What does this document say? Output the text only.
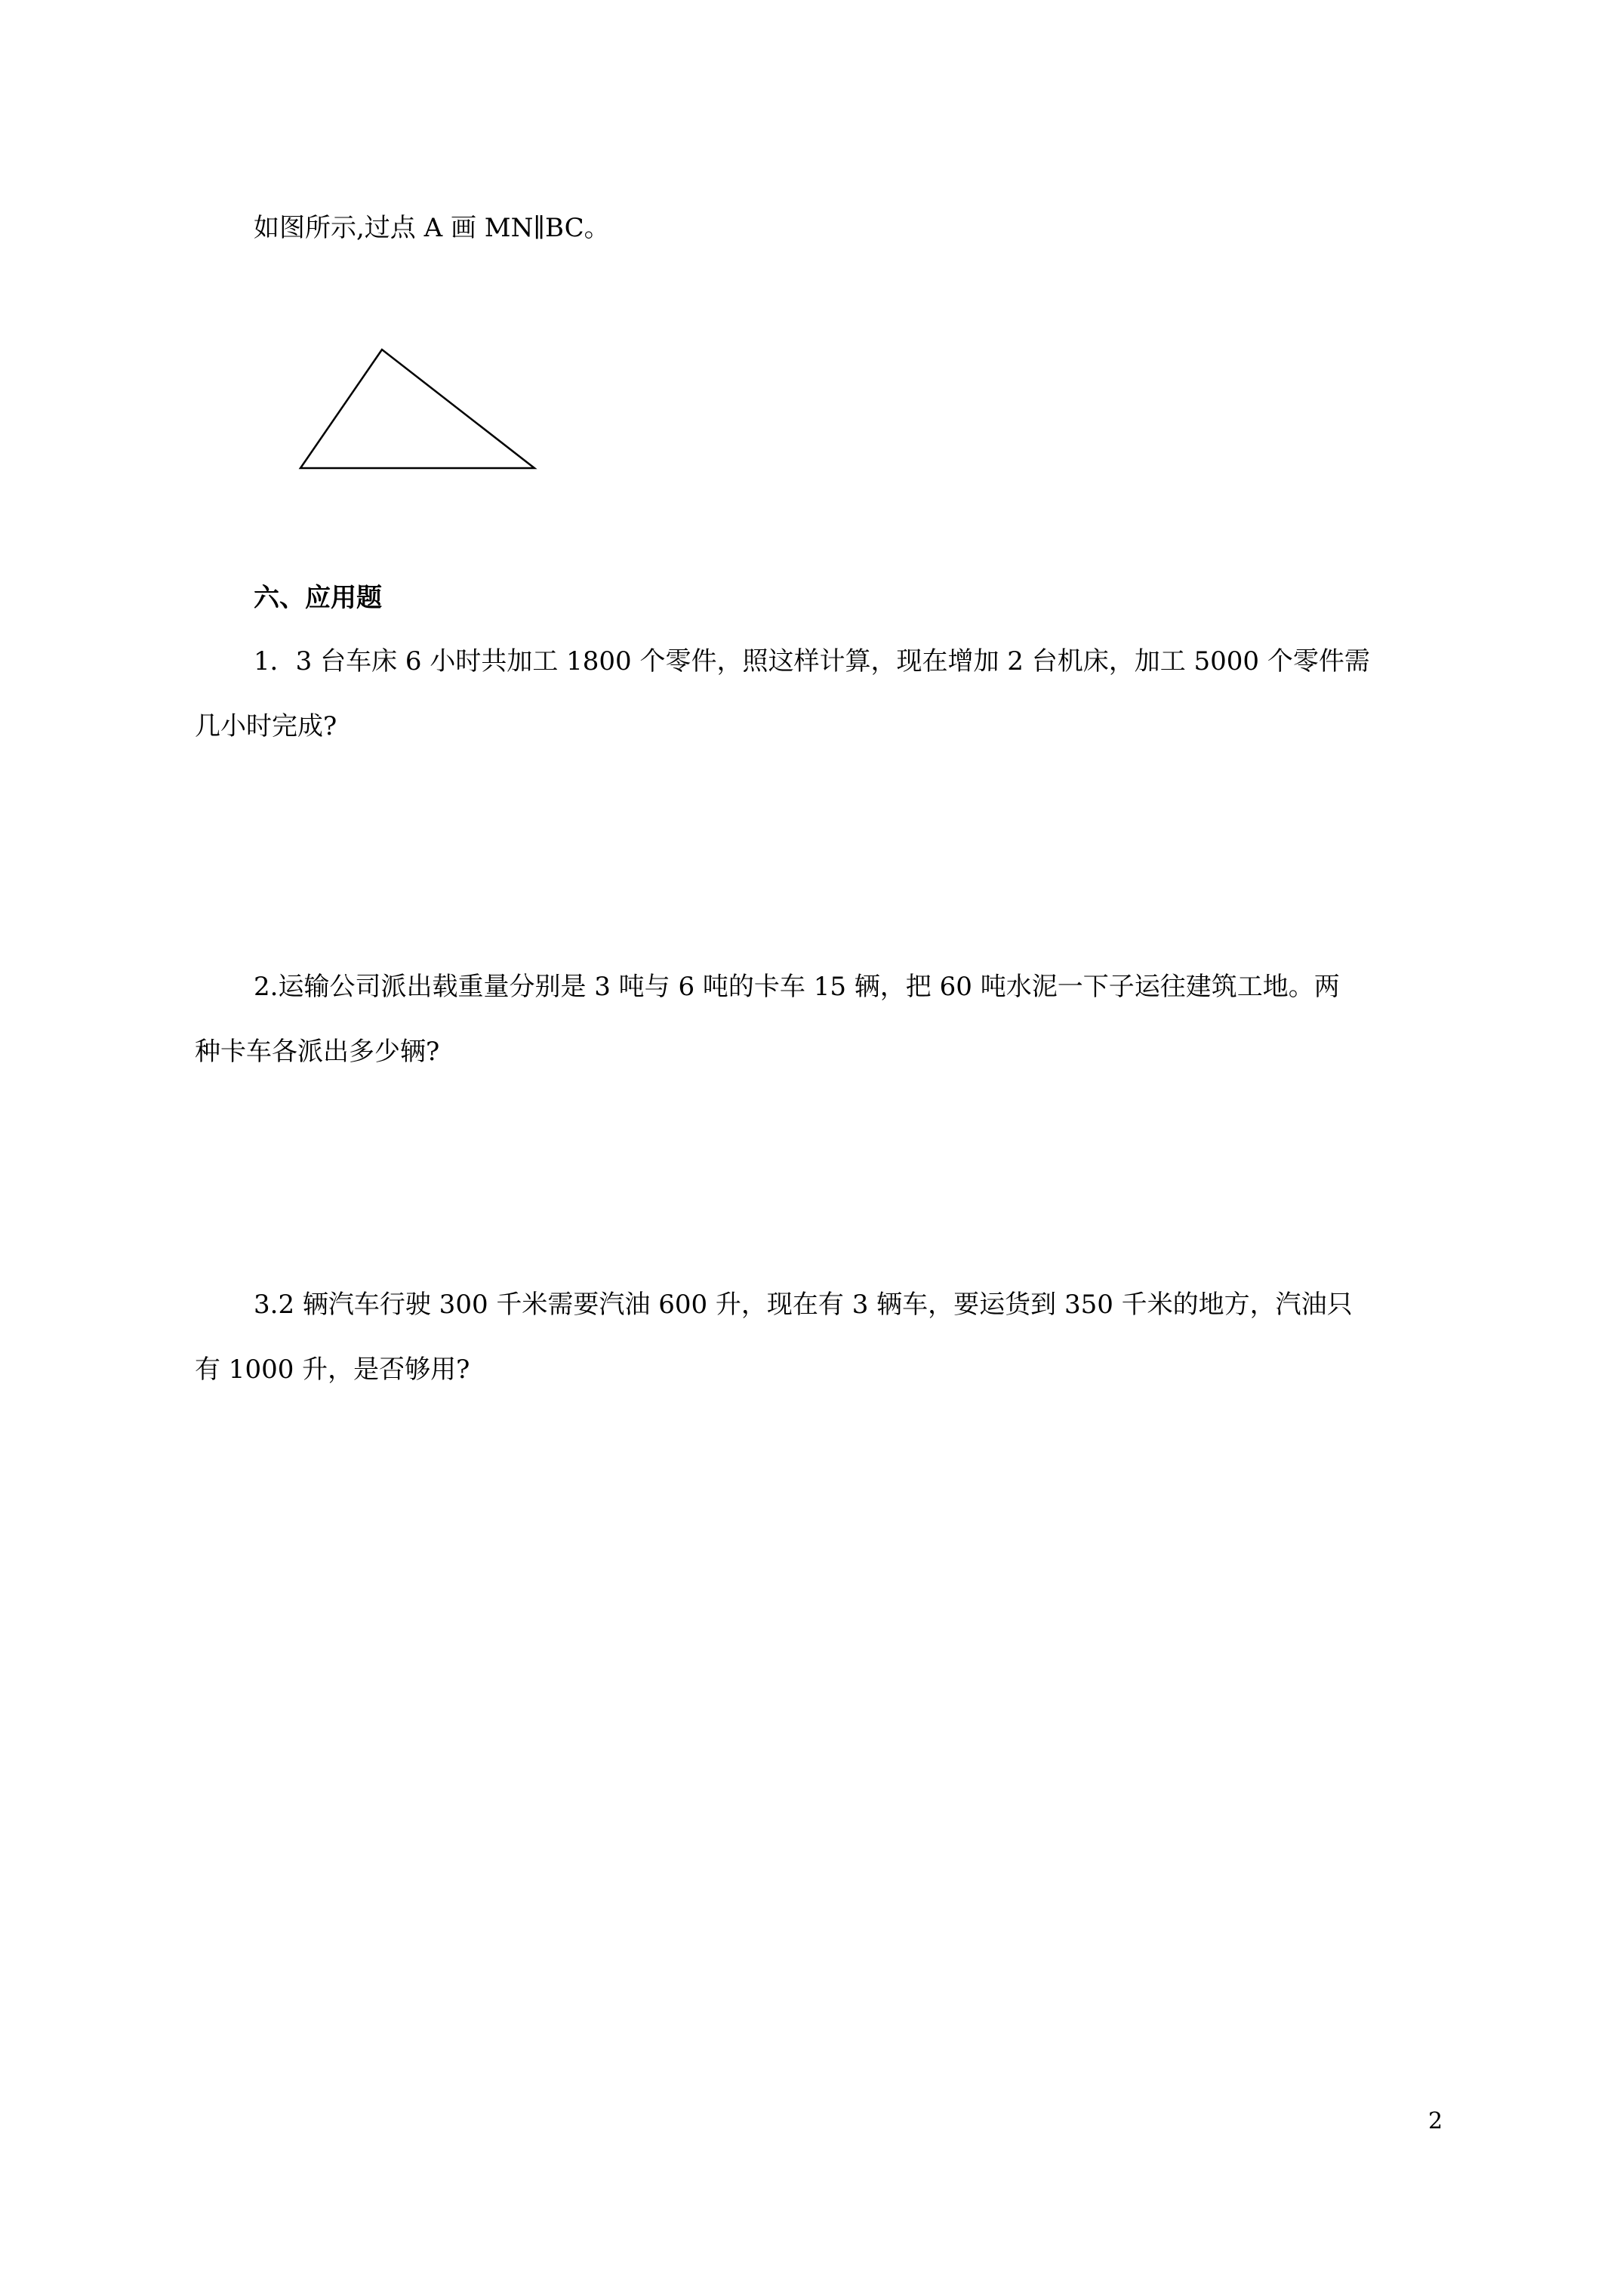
如图所示,过点 A 画 MN∥BC。
六、应用题
1．3 台车床 6 小时共加工 1800 个零件，照这样计算，现在增加 2 台机床，加工 5000 个零件需
几小时完成?
2.运输公司派出载重量分别是 3 吨与 6 吨的卡车 15 辆，把 60 吨水泥一下子运往建筑工地。两
种卡车各派出多少辆?
3.2 辆汽车行驶 300 千米需要汽油 600 升，现在有 3 辆车，要运货到 350 千米的地方，汽油只
有 1000 升，是否够用?
2
